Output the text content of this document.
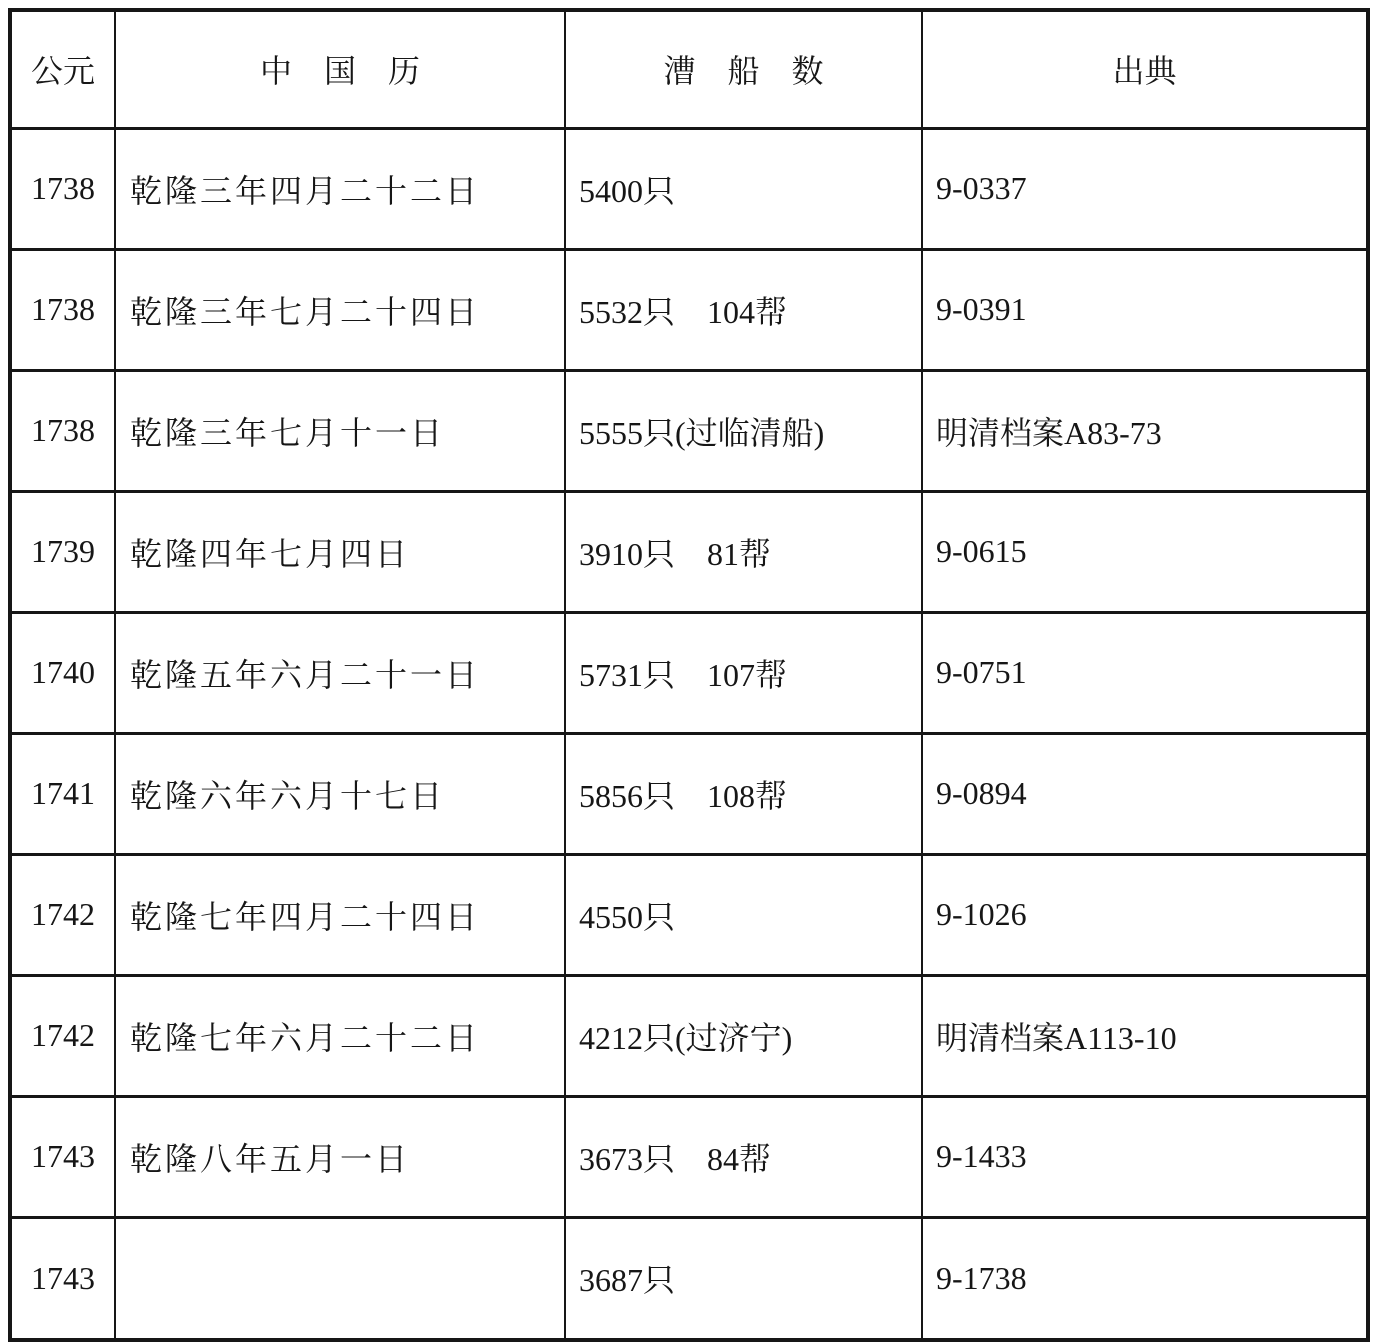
公元	中　国　历	漕　船　数	出典
1738	乾隆三年四月二十二日	5400只	9-0337
1738	乾隆三年七月二十四日	5532只　104帮	9-0391
1738	乾隆三年七月十一日	5555只(过临清船)	明清档案A83-73
1739	乾隆四年七月四日	3910只　81帮	9-0615
1740	乾隆五年六月二十一日	5731只　107帮	9-0751
1741	乾隆六年六月十七日	5856只　108帮	9-0894
1742	乾隆七年四月二十四日	4550只	9-1026
1742	乾隆七年六月二十二日	4212只(过济宁)	明清档案A113-10
1743	乾隆八年五月一日	3673只　84帮	9-1433
1743		3687只	9-1738
